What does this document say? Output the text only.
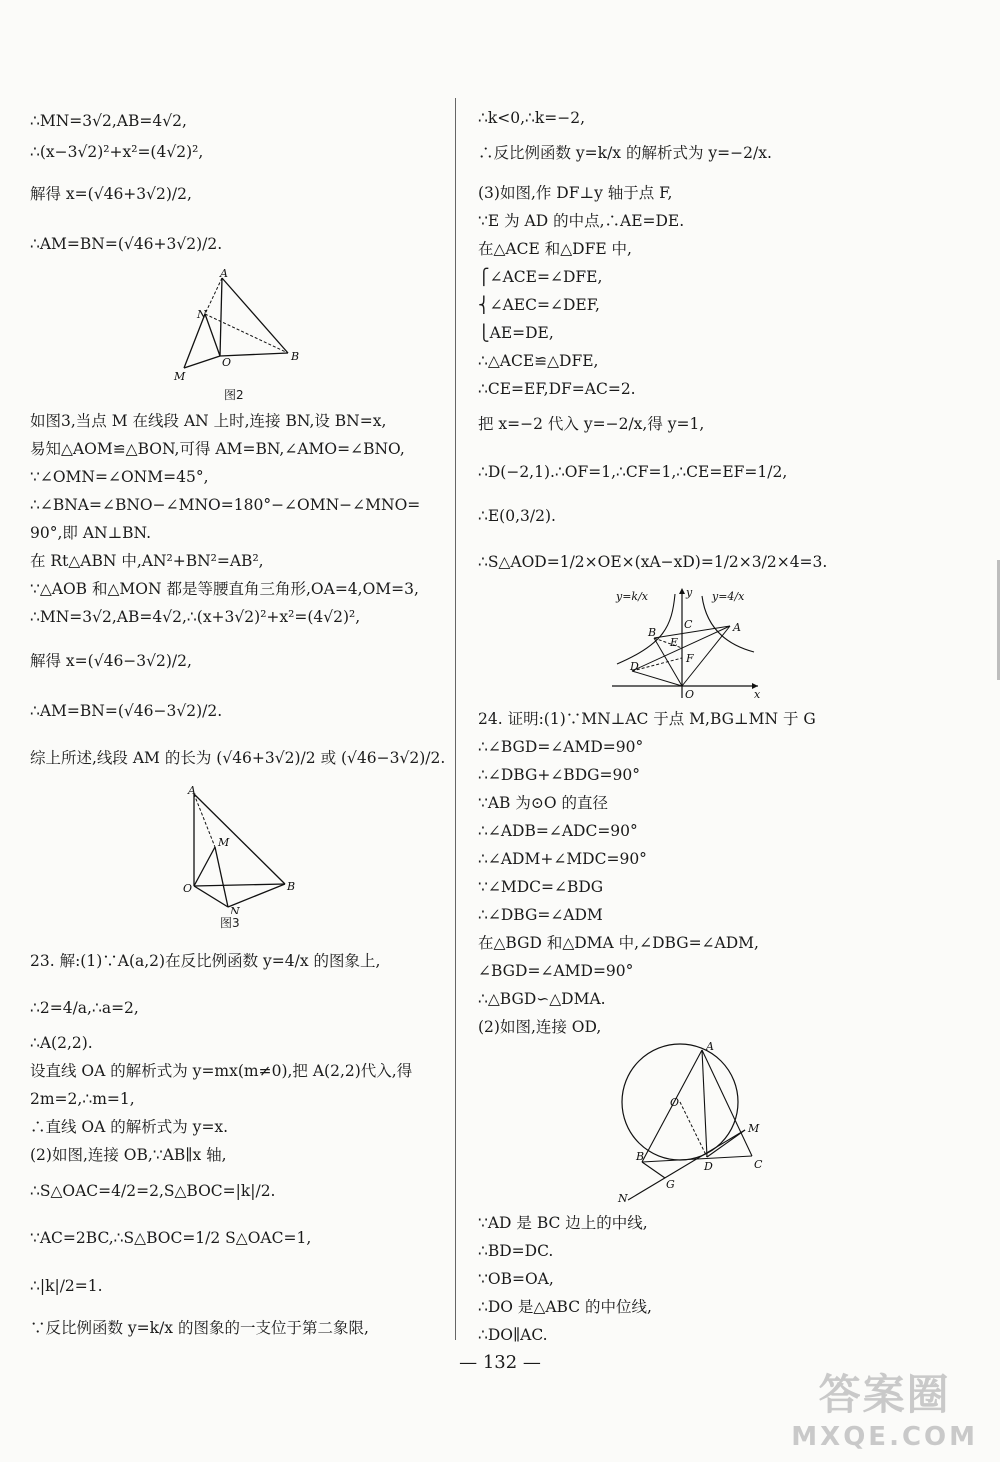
∴MN=3√2,AB=4√2,
∴(x−3√2)²+x²=(4√2)²,
解得 x=(√46+3√2)/2,
∴AM=BN=(√46+3√2)/2.
如图3,当点 M 在线段 AN 上时,连接 BN,设 BN=x,
易知△AOM≌△BON,可得 AM=BN,∠AMO=∠BNO,
∵∠OMN=∠ONM=45°,
∴∠BNA=∠BNO−∠MNO=180°−∠OMN−∠MNO=
90°,即 AN⊥BN.
在 Rt△ABN 中,AN²+BN²=AB²,
∵△AOB 和△MON 都是等腰直角三角形,OA=4,OM=3,
∴MN=3√2,AB=4√2,∴(x+3√2)²+x²=(4√2)²,
解得 x=(√46−3√2)/2,
∴AM=BN=(√46−3√2)/2.
综上所述,线段 AM 的长为 (√46+3√2)/2 或 (√46−3√2)/2.
23. 解:(1)∵A(a,2)在反比例函数 y=4/x 的图象上,
∴2=4/a,∴a=2,
∴A(2,2).
设直线 OA 的解析式为 y=mx(m≠0),把 A(2,2)代入,得
2m=2,∴m=1,
∴直线 OA 的解析式为 y=x.
(2)如图,连接 OB,∵AB∥x 轴,
∴S△OAC=4/2=2,S△BOC=|k|/2.
∵AC=2BC,∴S△BOC=1/2 S△OAC=1,
∴|k|/2=1.
∵反比例函数 y=k/x 的图象的一支位于第二象限,
∴k<0,∴k=−2,
∴反比例函数 y=k/x 的解析式为 y=−2/x.
(3)如图,作 DF⊥y 轴于点 F,
∵E 为 AD 的中点,∴AE=DE.
在△ACE 和△DFE 中,
⎧∠ACE=∠DFE,
⎨∠AEC=∠DEF,
⎩AE=DE,
∴△ACE≌△DFE,
∴CE=EF,DF=AC=2.
把 x=−2 代入 y=−2/x,得 y=1,
∴D(−2,1).∴OF=1,∴CF=1,∴CE=EF=1/2,
∴E(0,3/2).
∴S△AOD=1/2×OE×(xA−xD)=1/2×3/2×4=3.
24. 证明:(1)∵MN⊥AC 于点 M,BG⊥MN 于 G
∴∠BGD=∠AMD=90°
∴∠DBG+∠BDG=90°
∵AB 为⊙O 的直径
∴∠ADB=∠ADC=90°
∴∠ADM+∠MDC=90°
∵∠MDC=∠BDG
∴∠DBG=∠ADM
在△BGD 和△DMA 中,∠DBG=∠ADM,
∠BGD=∠AMD=90°
∴△BGD∽△DMA.
(2)如图,连接 OD,
∵AD 是 BC 边上的中线,
∴BD=DC.
∵OB=OA,
∴DO 是△ABC 的中位线,
∴DO∥AC.
A
N
O	B
M
图2
A
M
O	B
N
图3
y=k/x	y=4/x
y
C
E
F
B	A
D
O	x
A
O
M
B
D	C
G
N
— 132 —
答案圈
MXQE.COM
